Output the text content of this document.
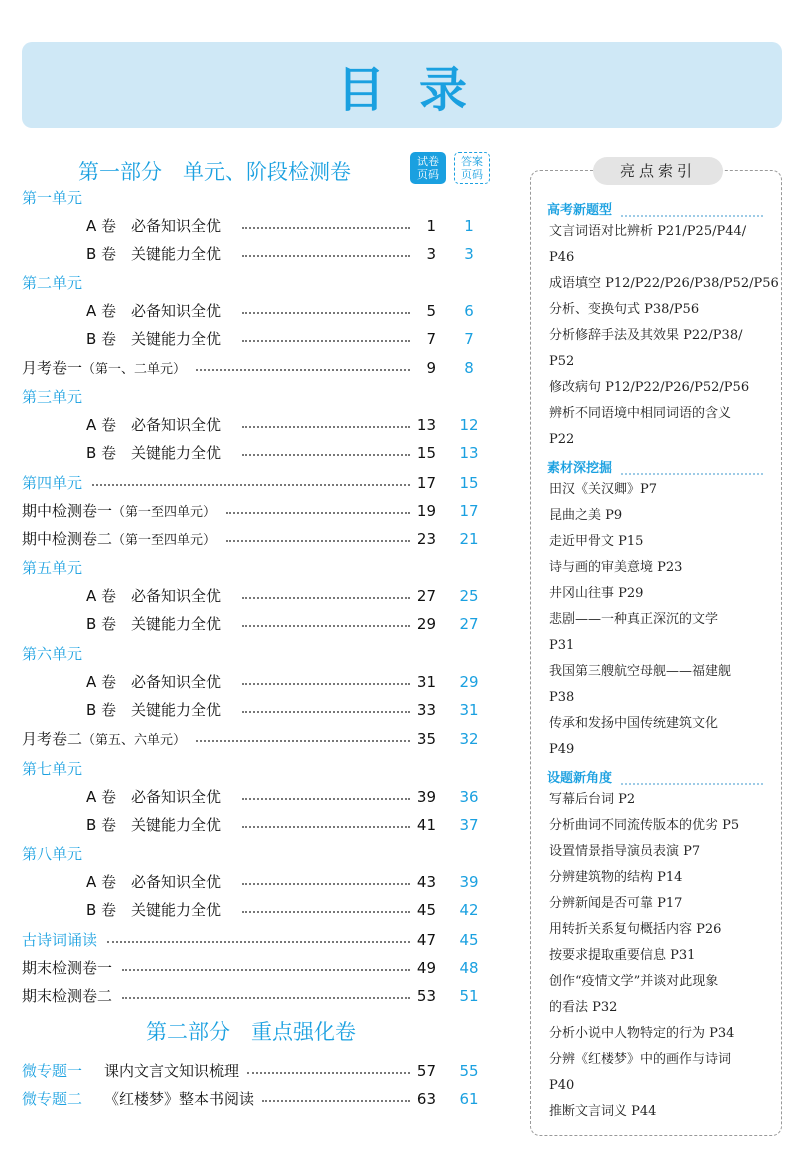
目录
第一部分　单元、阶段检测卷	试卷
页码
答案
页码
第一单元
A 卷　必备知识全优	1	1
B 卷　关键能力全优	3	3
第二单元
A 卷　必备知识全优	5	6
B 卷　关键能力全优	7	7
月考卷一（第一、二单元）	9	8
第三单元
A 卷　必备知识全优	13	12
B 卷　关键能力全优	15	13
第四单元	17	15
期中检测卷一（第一至四单元）	19	17
期中检测卷二（第一至四单元）	23	21
第五单元
A 卷　必备知识全优	27	25
B 卷　关键能力全优	29	27
第六单元
A 卷　必备知识全优	31	29
B 卷　关键能力全优	33	31
月考卷二（第五、六单元）	35	32
第七单元
A 卷　必备知识全优	39	36
B 卷　关键能力全优	41	37
第八单元
A 卷　必备知识全优	43	39
B 卷　关键能力全优	45	42
古诗词诵读	47	45
期末检测卷一	49	48
期末检测卷二	53	51
第二部分　重点强化卷
微专题一 课内文言文知识梳理	57	55
微专题二 《红楼梦》整本书阅读	63	61
亮点索引
高考新题型
文言词语对比辨析 P21/P25/P44/
P46
成语填空 P12/P22/P26/P38/P52/P56
分析、变换句式 P38/P56
分析修辞手法及其效果 P22/P38/
P52
修改病句 P12/P22/P26/P52/P56
辨析不同语境中相同词语的含义
P22
素材深挖掘
田汉《关汉卿》P7
昆曲之美 P9
走近甲骨文 P15
诗与画的审美意境 P23
井冈山往事 P29
悲剧——一种真正深沉的文学
P31
我国第三艘航空母舰——福建舰
P38
传承和发扬中国传统建筑文化
P49
设题新角度
写幕后台词 P2
分析曲词不同流传版本的优劣 P5
设置情景指导演员表演 P7
分辨建筑物的结构 P14
分辨新闻是否可靠 P17
用转折关系复句概括内容 P26
按要求提取重要信息 P31
创作“疫情文学”并谈对此现象
的看法 P32
分析小说中人物特定的行为 P34
分辨《红楼梦》中的画作与诗词
P40
推断文言词义 P44
